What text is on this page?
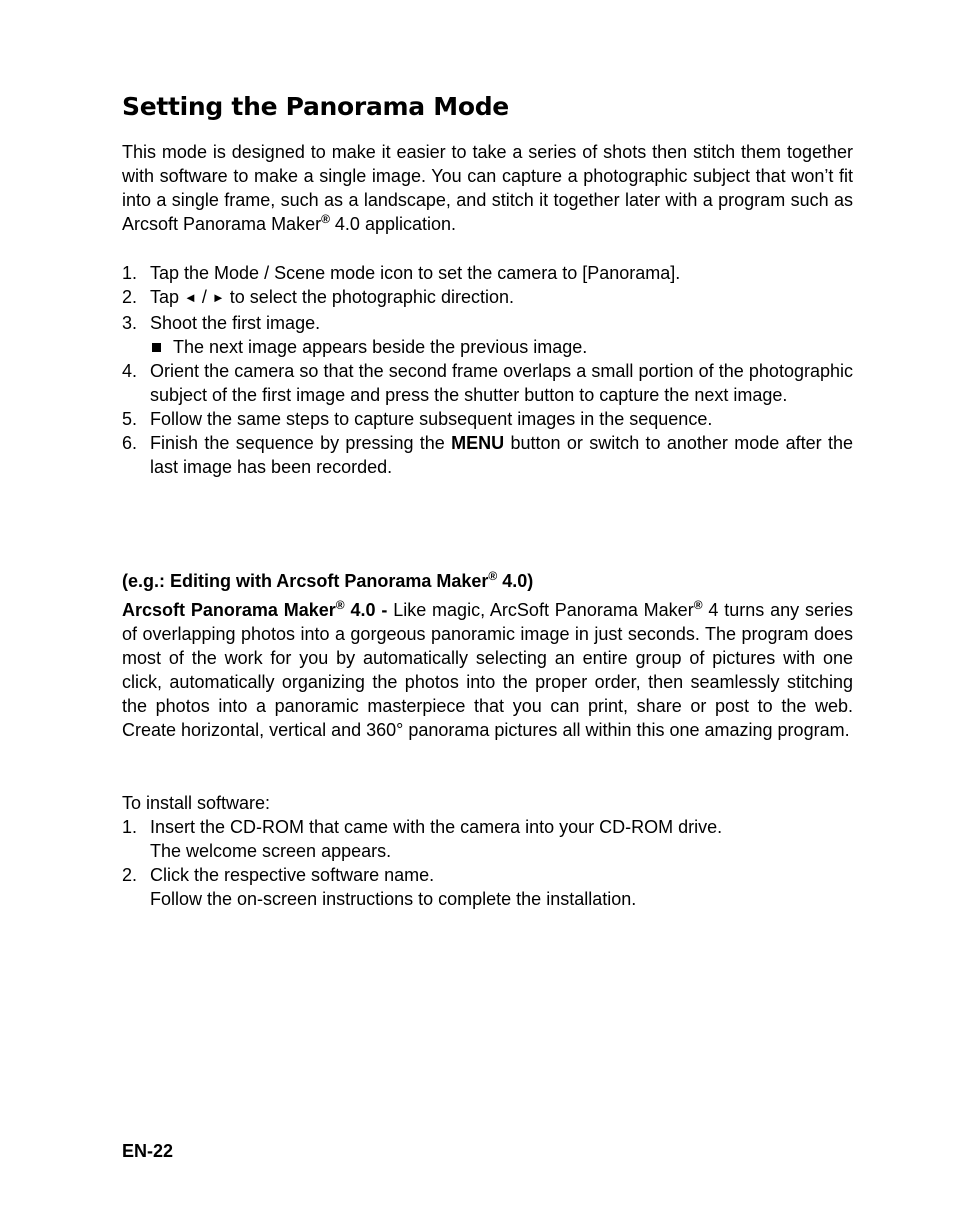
Setting the Panorama Mode

This mode is designed to make it easier to take a series of shots then stitch them together with software to make a single image. You can capture a photographic subject that won’t fit into a single frame, such as a landscape, and stitch it together later with a program such as Arcsoft Panorama Maker® 4.0 application.

1. Tap the Mode / Scene mode icon to set the camera to [Panorama].
2. Tap ◄ / ► to select the photographic direction.
3. Shoot the first image.
The next image appears beside the previous image.
4. Orient the camera so that the second frame overlaps a small portion of the photographic subject of the first image and press the shutter button to capture the next image.
5. Follow the same steps to capture subsequent images in the sequence.
6. Finish the sequence by pressing the MENU button or switch to another mode after the last image has been recorded.

(e.g.: Editing with Arcsoft Panorama Maker® 4.0)

Arcsoft Panorama Maker® 4.0 - Like magic, ArcSoft Panorama Maker® 4 turns any series of overlapping photos into a gorgeous panoramic image in just seconds. The program does most of the work for you by automatically selecting an entire group of pictures with one click, automatically organizing the photos into the proper order, then seamlessly stitching the photos into a panoramic masterpiece that you can print, share or post to the web. Create horizontal, vertical and 360° panorama pictures all within this one amazing program.

To install software:

1. Insert the CD-ROM that came with the camera into your CD-ROM drive.
The welcome screen appears.
2. Click the respective software name.
Follow the on-screen instructions to complete the installation.

EN-22
